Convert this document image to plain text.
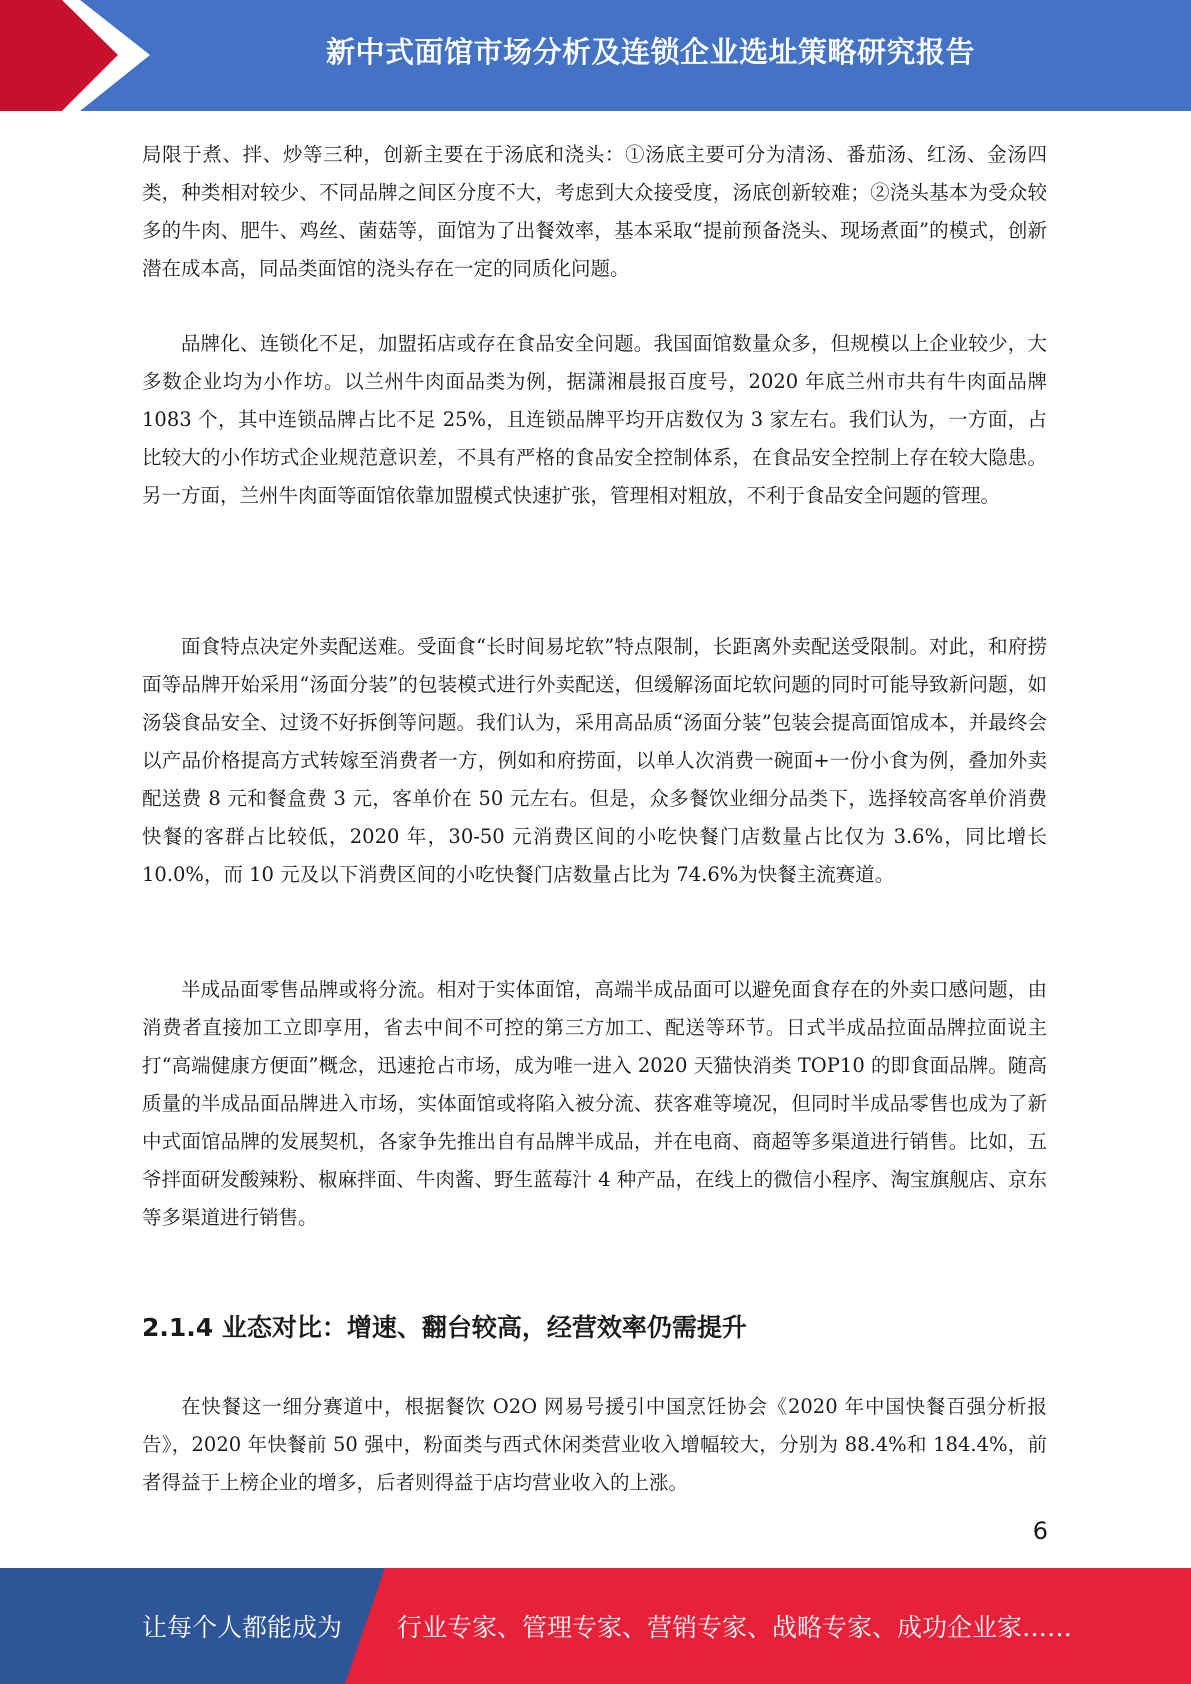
新中式面馆市场分析及连锁企业选址策略研究报告

局限于煮、拌、炒等三种，创新主要在于汤底和浇头：①汤底主要可分为清汤、番茄汤、红汤、金汤四类，种类相对较少、不同品牌之间区分度不大，考虑到大众接受度，汤底创新较难；②浇头基本为受众较多的牛肉、肥牛、鸡丝、菌菇等，面馆为了出餐效率，基本采取“提前预备浇头、现场煮面”的模式，创新潜在成本高，同品类面馆的浇头存在一定的同质化问题。

品牌化、连锁化不足，加盟拓店或存在食品安全问题。我国面馆数量众多，但规模以上企业较少，大多数企业均为小作坊。以兰州牛肉面品类为例，据潇湘晨报百度号，2020 年底兰州市共有牛肉面品牌 1083 个，其中连锁品牌占比不足 25%，且连锁品牌平均开店数仅为 3 家左右。我们认为，一方面，占比较大的小作坊式企业规范意识差，不具有严格的食品安全控制体系，在食品安全控制上存在较大隐患。另一方面，兰州牛肉面等面馆依靠加盟模式快速扩张，管理相对粗放，不利于食品安全问题的管理。

面食特点决定外卖配送难。受面食“长时间易坨软”特点限制，长距离外卖配送受限制。对此，和府捞面等品牌开始采用“汤面分装”的包装模式进行外卖配送，但缓解汤面坨软问题的同时可能导致新问题，如汤袋食品安全、过烫不好拆倒等问题。我们认为，采用高品质“汤面分装”包装会提高面馆成本，并最终会以产品价格提高方式转嫁至消费者一方，例如和府捞面，以单人次消费一碗面+一份小食为例，叠加外卖配送费 8 元和餐盒费 3 元，客单价在 50 元左右。但是，众多餐饮业细分品类下，选择较高客单价消费快餐的客群占比较低，2020 年，30-50 元消费区间的小吃快餐门店数量占比仅为 3.6%，同比增长 10.0%，而 10 元及以下消费区间的小吃快餐门店数量占比为 74.6%为快餐主流赛道。

半成品面零售品牌或将分流。相对于实体面馆，高端半成品面可以避免面食存在的外卖口感问题，由消费者直接加工立即享用，省去中间不可控的第三方加工、配送等环节。日式半成品拉面品牌拉面说主打“高端健康方便面”概念，迅速抢占市场，成为唯一进入 2020 天猫快消类 TOP10 的即食面品牌。随高质量的半成品面品牌进入市场，实体面馆或将陷入被分流、获客难等境况，但同时半成品零售也成为了新中式面馆品牌的发展契机，各家争先推出自有品牌半成品，并在电商、商超等多渠道进行销售。比如，五爷拌面研发酸辣粉、椒麻拌面、牛肉酱、野生蓝莓汁 4 种产品，在线上的微信小程序、淘宝旗舰店、京东等多渠道进行销售。

2.1.4 业态对比：增速、翻台较高，经营效率仍需提升

在快餐这一细分赛道中，根据餐饮 O2O 网易号援引中国烹饪协会《2020 年中国快餐百强分析报告》，2020 年快餐前 50 强中，粉面类与西式休闲类营业收入增幅较大，分别为 88.4%和 184.4%，前者得益于上榜企业的增多，后者则得益于店均营业收入的上涨。

6
让每个人都能成为 行业专家、管理专家、营销专家、战略专家、成功企业家……
